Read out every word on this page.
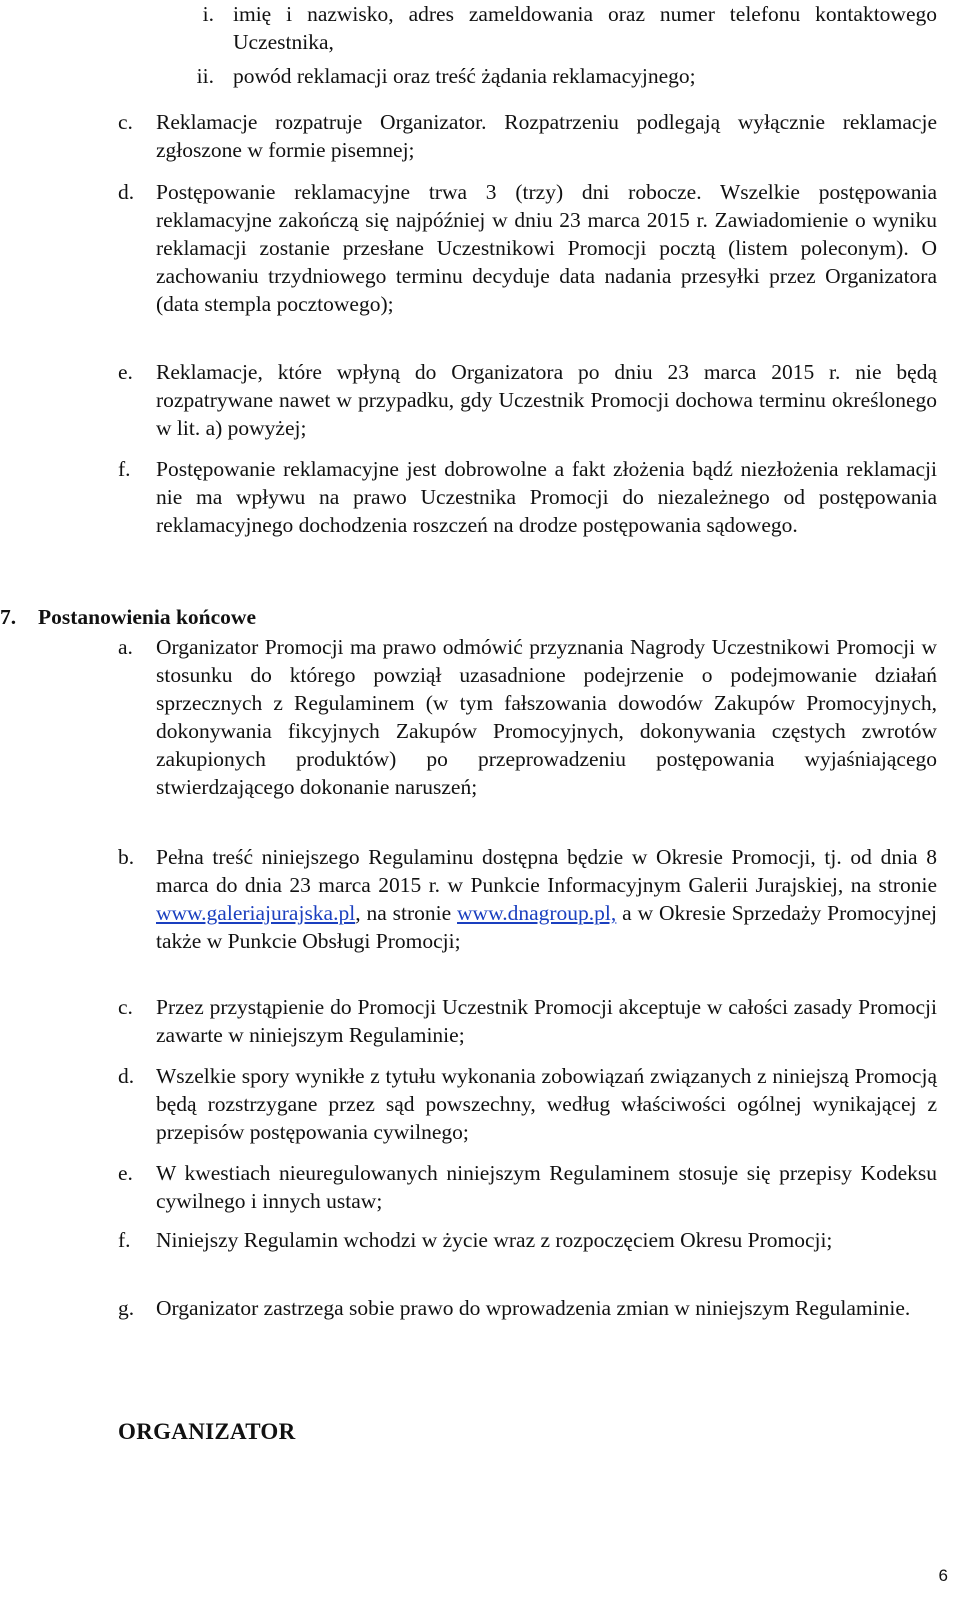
i. imię i nazwisko, adres zameldowania oraz numer telefonu kontaktowego Uczestnika,
ii. powód reklamacji oraz treść żądania reklamacyjnego;
c. Reklamacje rozpatruje Organizator. Rozpatrzeniu podlegają wyłącznie reklamacje zgłoszone w formie pisemnej;
d. Postępowanie reklamacyjne trwa 3 (trzy) dni robocze. Wszelkie postępowania reklamacyjne zakończą się najpóźniej w dniu 23 marca 2015 r. Zawiadomienie o wyniku reklamacji zostanie przesłane Uczestnikowi Promocji pocztą (listem poleconym). O zachowaniu trzydniowego terminu decyduje data nadania przesyłki przez Organizatora (data stempla pocztowego);
e. Reklamacje, które wpłyną do Organizatora po dniu 23 marca 2015 r. nie będą rozpatrywane nawet w przypadku, gdy Uczestnik Promocji dochowa terminu określonego w lit. a) powyżej;
f. Postępowanie reklamacyjne jest dobrowolne a fakt złożenia bądź niezłożenia reklamacji nie ma wpływu na prawo Uczestnika Promocji do niezależnego od postępowania reklamacyjnego dochodzenia roszczeń na drodze postępowania sądowego.
7. Postanowienia końcowe
a. Organizator Promocji ma prawo odmówić przyznania Nagrody Uczestnikowi Promocji w stosunku do którego powziął uzasadnione podejrzenie o podejmowanie działań sprzecznych z Regulaminem (w tym fałszowania dowodów Zakupów Promocyjnych, dokonywania fikcyjnych Zakupów Promocyjnych, dokonywania częstych zwrotów zakupionych produktów) po przeprowadzeniu postępowania wyjaśniającego stwierdzającego dokonanie naruszeń;
b. Pełna treść niniejszego Regulaminu dostępna będzie w Okresie Promocji, tj. od dnia 8 marca do dnia 23 marca 2015 r. w Punkcie Informacyjnym Galerii Jurajskiej, na stronie www.galeriajurajska.pl, na stronie www.dnagroup.pl, a w Okresie Sprzedaży Promocyjnej także w Punkcie Obsługi Promocji;
c. Przez przystąpienie do Promocji Uczestnik Promocji akceptuje w całości zasady Promocji zawarte w niniejszym Regulaminie;
d. Wszelkie spory wynikłe z tytułu wykonania zobowiązań związanych z niniejszą Promocją będą rozstrzygane przez sąd powszechny, według właściwości ogólnej wynikającej z przepisów postępowania cywilnego;
e. W kwestiach nieuregulowanych niniejszym Regulaminem stosuje się przepisy Kodeksu cywilnego i innych ustaw;
f. Niniejszy Regulamin wchodzi w życie wraz z rozpoczęciem Okresu Promocji;
g. Organizator zastrzega sobie prawo do wprowadzenia zmian w niniejszym Regulaminie.
ORGANIZATOR
6
